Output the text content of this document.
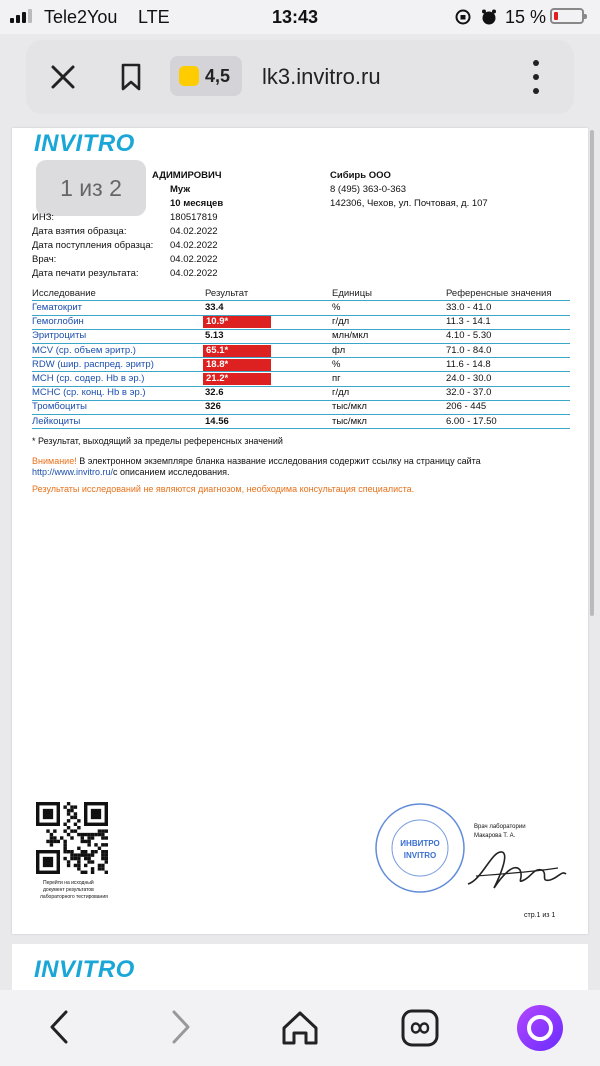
Tele2You LTE	13:43	15 %
4,5 lk3.invitro.ru
INVITRO
1 из 2	АДИМИРОВИЧ
Муж
10 месяцев
ИНЗ:	180517819
Дата взятия образца:	04.02.2022
Дата поступления образца: 04.02.2022
Врач:	04.02.2022
Дата печати результата:	04.02.2022
Сибирь ООО
8 (495) 363-0-363
142306, Чехов, ул. Почтовая, д. 107
Исследование	Результат	Единицы	Референсные значения
Гематокрит	33.4	%	33.0 - 41.0
Гемоглобин	10.9*	г/дл	11.3 - 14.1
Эритроциты	5.13	млн/мкл	4.10 - 5.30
MCV (ср. объем эритр.)	65.1*	фл	71.0 - 84.0
RDW (шир. распред. эритр)	18.8*	%	11.6 - 14.8
MCH (ср. содер. Hb в эр.)	21.2*	пг	24.0 - 30.0
MCHC (ср. конц. Hb в эр.)	32.6	г/дл	32.0 - 37.0
Тромбоциты	326	тыс/мкл	206 - 445
Лейкоциты	14.56	тыс/мкл	6.00 - 17.50
* Результат, выходящий за пределы референсных значений
Внимание! В электронном экземпляре бланка название исследования содержит ссылку на страницу сайта
http://www.invitro.ru/с описанием исследования.
Результаты исследований не являются диагнозом, необходима консультация специалиста.
Перейти на исходный
документ результатов
лабораторного тестирования
ИНВИТРО
INVITRO
Врач лаборатории
Макарова Т. А.
стр.1 из 1
INVITRO
